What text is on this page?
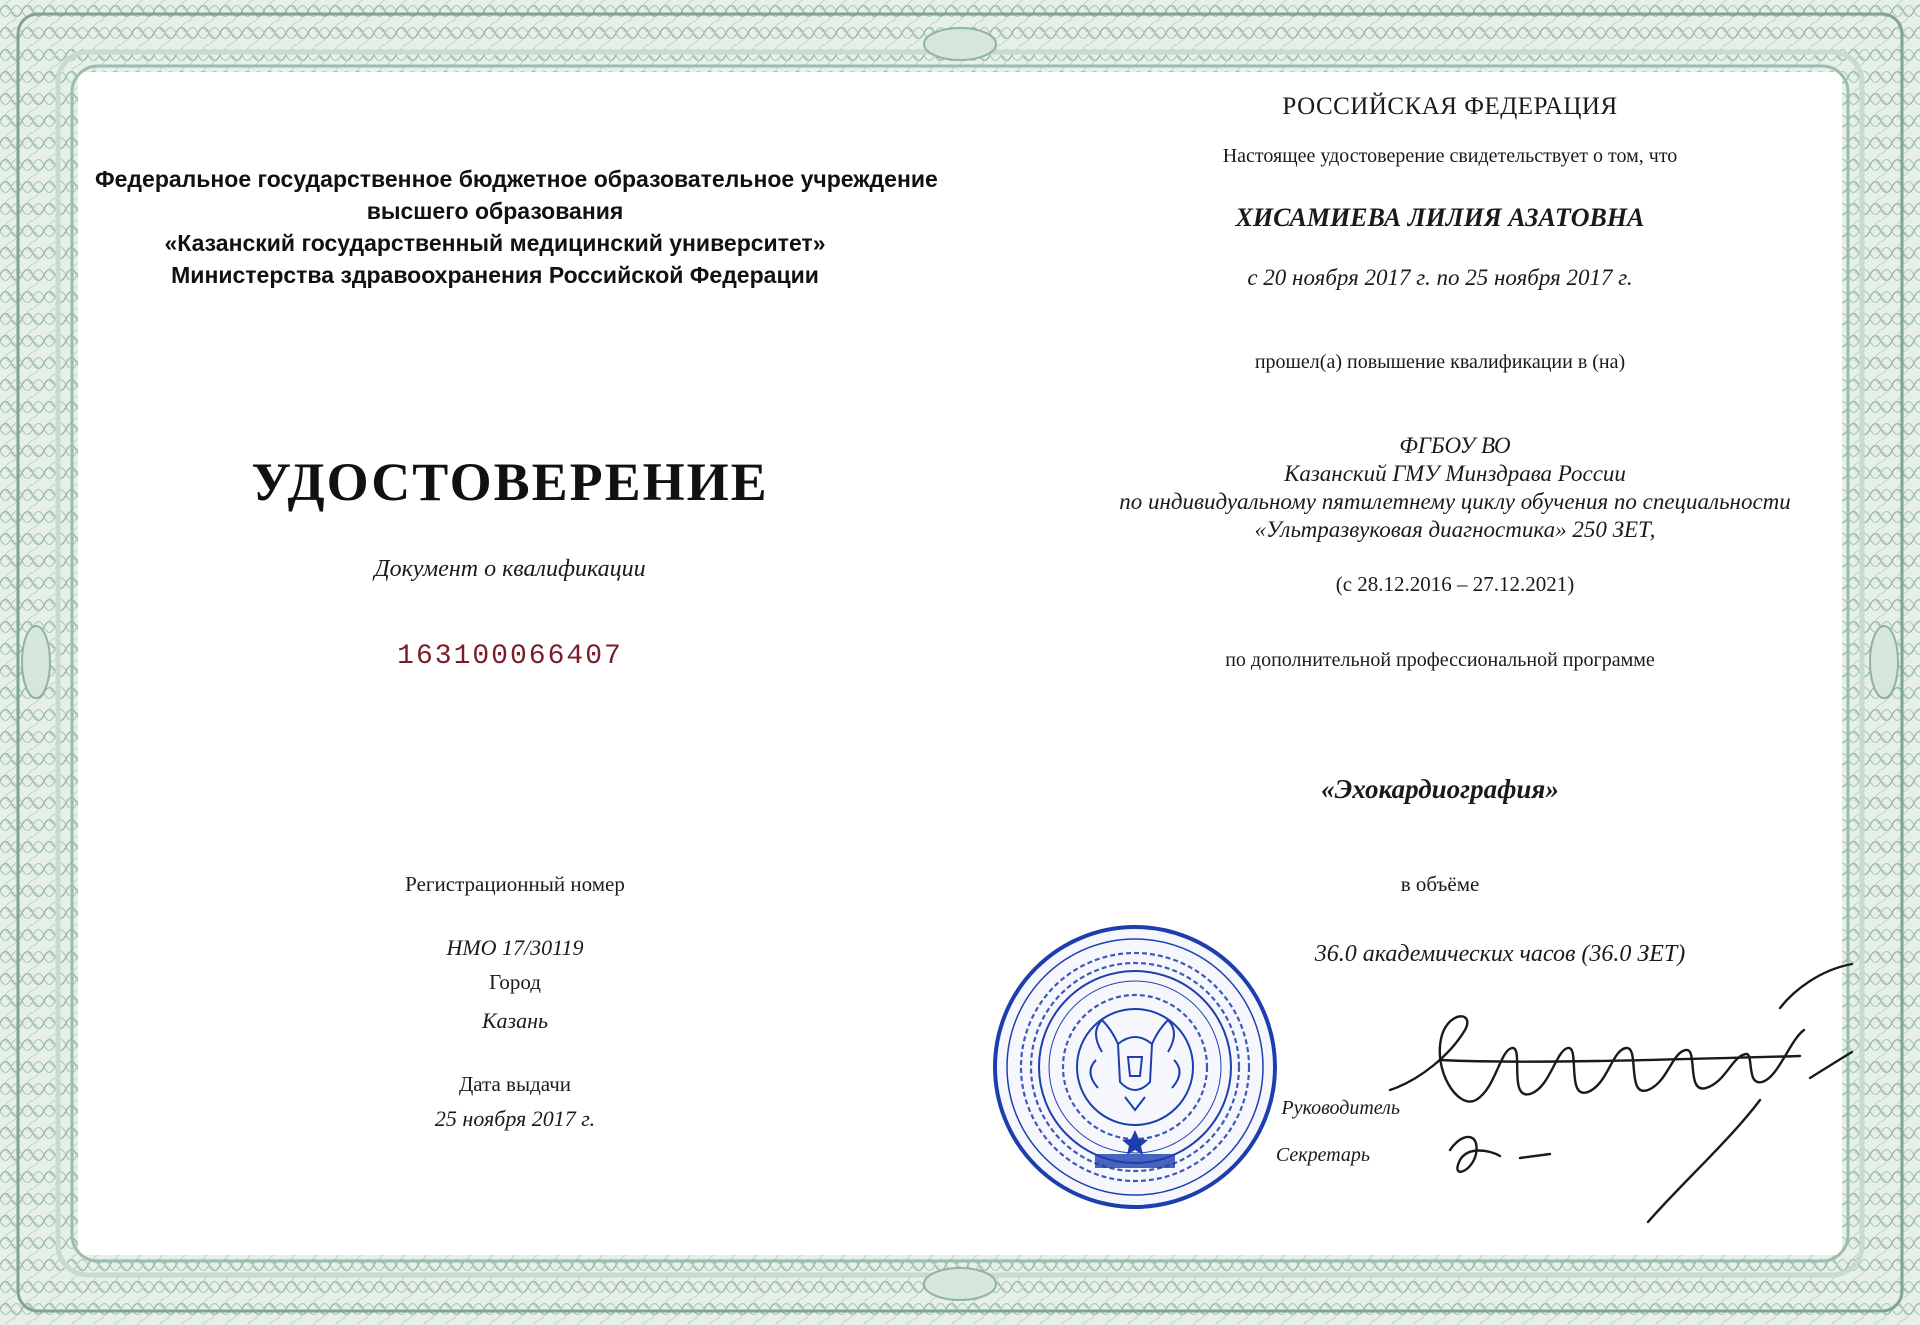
Федеральное государственное бюджетное образовательное учреждение
высшего образования
«Казанский государственный медицинский университет»
Министерства здравоохранения Российской Федерации
УДОСТОВЕРЕНИЕ
Документ о квалификации
163100066407
Регистрационный номер
НМО 17/30119
Город
Казань
Дата выдачи
25 ноября 2017 г.
РОССИЙСКАЯ ФЕДЕРАЦИЯ
Настоящее удостоверение свидетельствует о том, что
ХИСАМИЕВА ЛИЛИЯ АЗАТОВНА
с 20 ноября 2017 г. по 25 ноября 2017 г.
прошел(а) повышение квалификации в (на)
ФГБОУ ВО
Казанский ГМУ Минздрава России
по индивидуальному пятилетнему циклу обучения по специальности
«Ультразвуковая диагностика» 250 ЗЕТ,
(с 28.12.2016 – 27.12.2021)
по дополнительной профессиональной программе
«Эхокардиография»
в объёме
36.0 академических часов (36.0 ЗЕТ)
Руководитель
Секретарь
